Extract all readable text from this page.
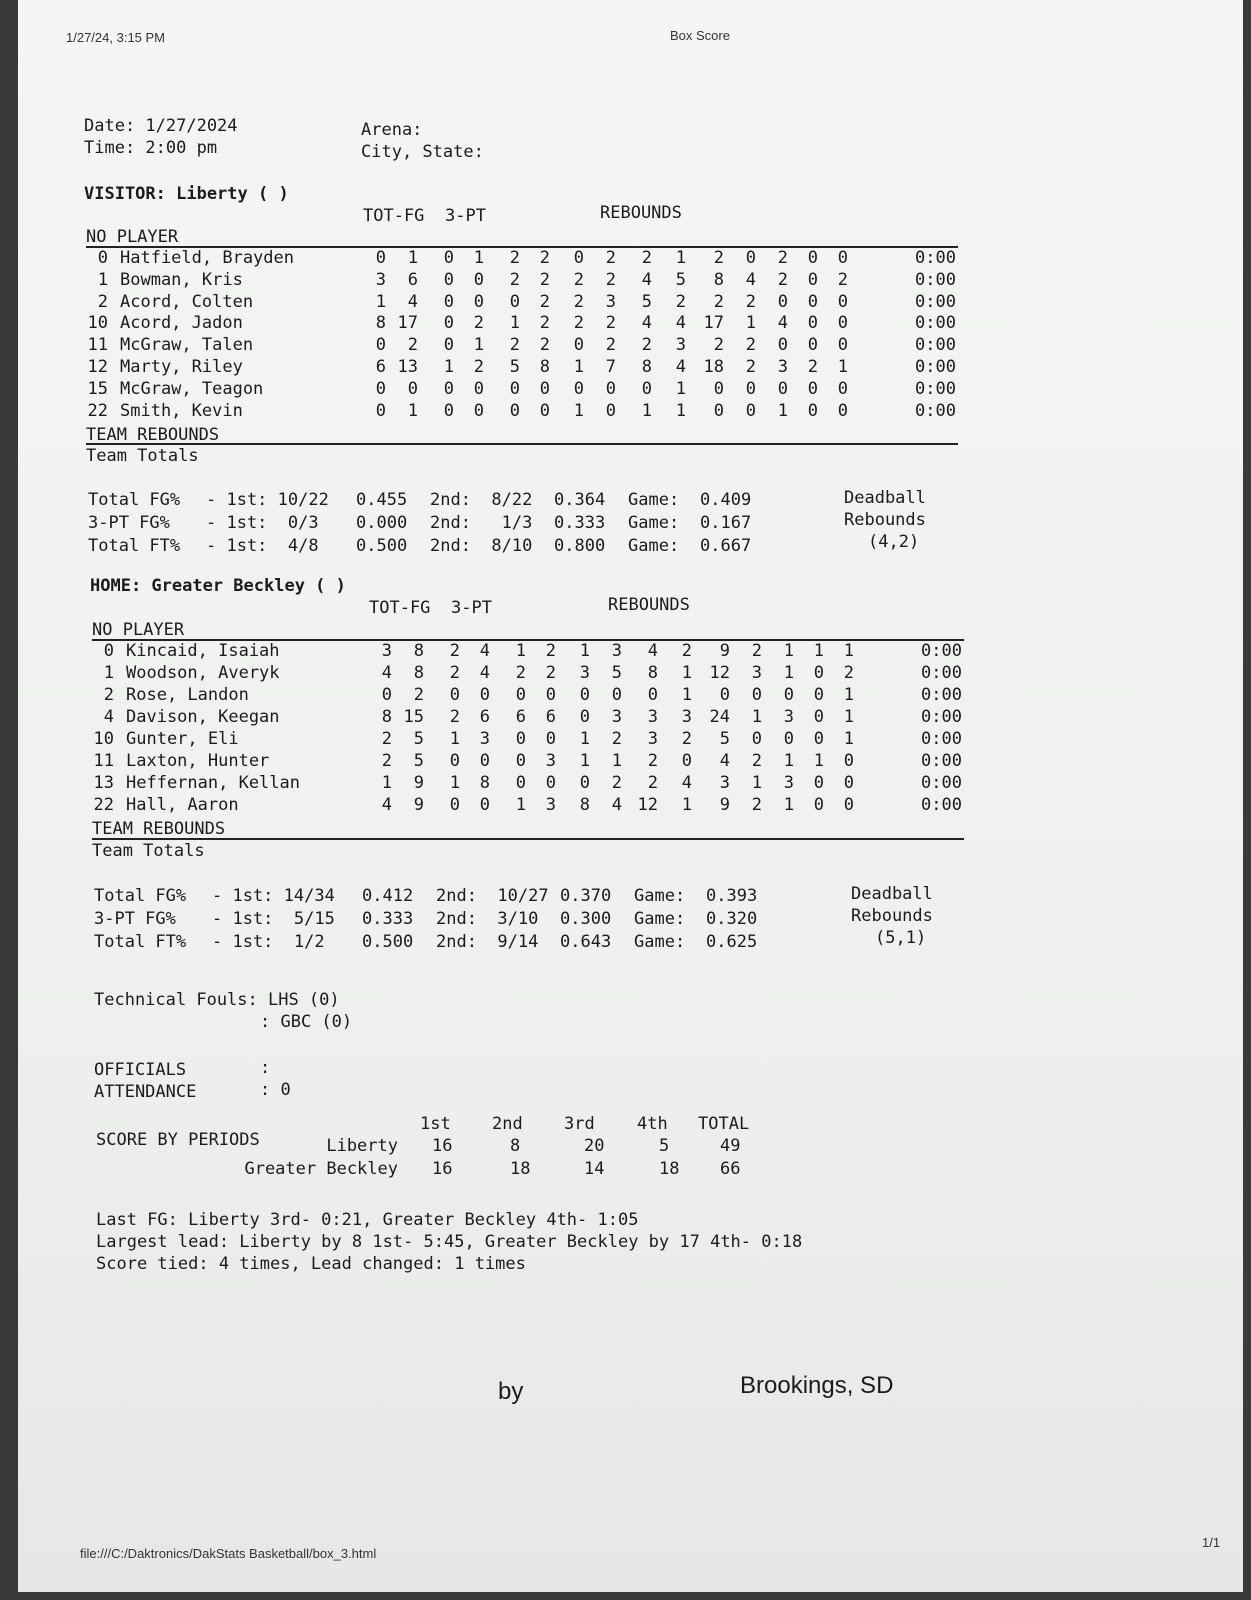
1/27/24, 3:15 PM	Box Score
Date: 1/27/2024
Time: 2:00 pm
Arena:
City, State:
VISITOR: Liberty ( )
TOT-FG 3-PT	REBOUNDS
NO PLAYER
0 Hatfield, Brayden	0 1 0 1 2 2 0 2 2 1 2 0 2 0 0	0:00
1 Bowman, Kris	3 6 0 0 2 2 2 2 4 5 8 4 2 0 2	0:00
2 Acord, Colten	1 4 0 0 0 2 2 3 5 2 2 2 0 0 0	0:00
10 Acord, Jadon	8 17 0 2 1 2 2 2 4 4 17 1 4 0 0	0:00
11 McGraw, Talen	0 2 0 1 2 2 0 2 2 3 2 2 0 0 0	0:00
12 Marty, Riley	6 13 1 2 5 8 1 7 8 4 18 2 3 2 1	0:00
15 McGraw, Teagon	0 0 0 0 0 0 0 0 0 1 0 0 0 0 0	0:00
22 Smith, Kevin	0 1 0 0 0 0 1 0 1 1 0 0 1 0 0	0:00
TEAM REBOUNDS
Team Totals
Total FG% - 1st: 10/22 0.455 2nd:  8/22 0.364 Game: 0.409
3-PT FG% - 1st:  0/3 0.000 2nd:   1/3 0.333 Game: 0.167
Total FT% - 1st:  4/8 0.500 2nd:  8/10 0.800 Game: 0.667
Deadball
Rebounds
(4,2)
HOME: Greater Beckley ( )
TOT-FG 3-PT	REBOUNDS
NO PLAYER
0 Kincaid, Isaiah	3 8 2 4 1 2 1 3 4 2 9 2 1 1 1	0:00
1 Woodson, Averyk	4 8 2 4 2 2 3 5 8 1 12 3 1 0 2	0:00
2 Rose, Landon	0 2 0 0 0 0 0 0 0 1 0 0 0 0 1	0:00
4 Davison, Keegan	8 15 2 6 6 6 0 3 3 3 24 1 3 0 1	0:00
10 Gunter, Eli	2 5 1 3 0 0 1 2 3 2 5 0 0 0 1	0:00
11 Laxton, Hunter	2 5 0 0 0 3 1 1 2 0 4 2 1 1 0	0:00
13 Heffernan, Kellan	1 9 1 8 0 0 0 2 2 4 3 1 3 0 0	0:00
22 Hall, Aaron	4 9 0 0 1 3 8 4 12 1 9 2 1 0 0	0:00
TEAM REBOUNDS
Team Totals
Total FG% - 1st: 14/34 0.412 2nd:  10/27 0.370 Game: 0.393
3-PT FG% - 1st:  5/15 0.333 2nd:  3/10 0.300 Game: 0.320
Total FT% - 1st:  1/2 0.500 2nd:  9/14 0.643 Game: 0.625
Deadball
Rebounds
(5,1)
Technical Fouls: LHS (0)
: GBC (0)
OFFICIALS	:
ATTENDANCE	: 0
SCORE BY PERIODS
1st 2nd 3rd 4th TOTAL
Liberty 16	8	20	5	49
Greater Beckley 16	18	14	18 66
Last FG: Liberty 3rd- 0:21, Greater Beckley 4th- 1:05
Largest lead: Liberty by 8 1st- 5:45, Greater Beckley by 17 4th- 0:18
Score tied: 4 times, Lead changed: 1 times
by	Brookings, SD
file:///C:/Daktronics/DakStats Basketball/box_3.html
1/1
